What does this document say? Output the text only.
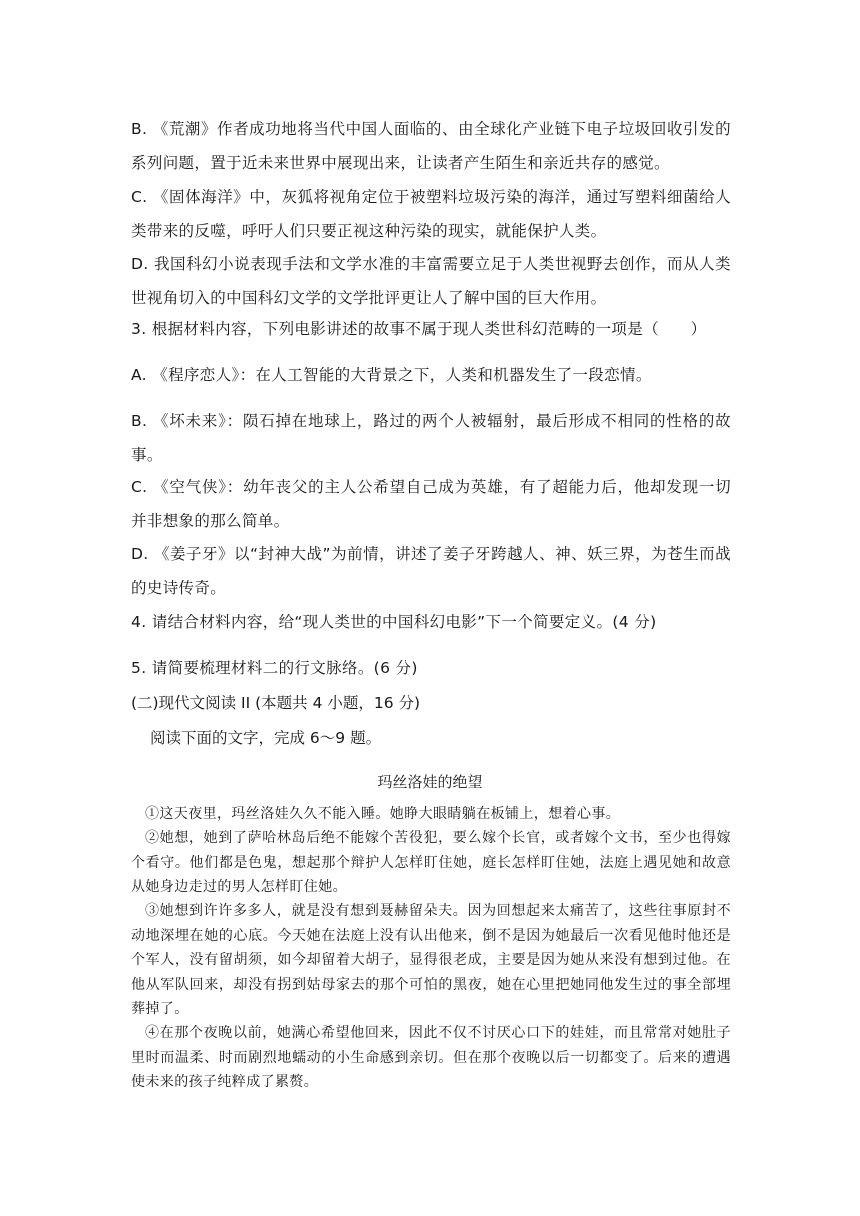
B. 《荒潮》作者成功地将当代中国人面临的、由全球化产业链下电子垃圾回收引发的系列问题，置于近未来世界中展现出来，让读者产生陌生和亲近共存的感觉。

C. 《固体海洋》中，灰狐将视角定位于被塑料垃圾污染的海洋，通过写塑料细菌给人类带来的反噬，呼吁人们只要正视这种污染的现实，就能保护人类。

D. 我国科幻小说表现手法和文学水准的丰富需要立足于人类世视野去创作，而从人类世视角切入的中国科幻文学的文学批评更让人了解中国的巨大作用。

3. 根据材料内容，下列电影讲述的故事不属于现人类世科幻范畴的一项是（　　）

A. 《程序恋人》：在人工智能的大背景之下，人类和机器发生了一段恋情。

B. 《坏未来》：陨石掉在地球上，路过的两个人被辐射，最后形成不相同的性格的故事。

C. 《空气侠》：幼年丧父的主人公希望自己成为英雄，有了超能力后，他却发现一切并非想象的那么简单。

D. 《姜子牙》以“封神大战”为前情，讲述了姜子牙跨越人、神、妖三界，为苍生而战的史诗传奇。

4. 请结合材料内容，给“现人类世的中国科幻电影”下一个简要定义。(4 分)

5. 请简要梳理材料二的行文脉络。(6 分)

(二)现代文阅读 II (本题共 4 小题，16 分)

阅读下面的文字，完成 6～9 题。

玛丝洛娃的绝望

①这天夜里，玛丝洛娃久久不能入睡。她睁大眼睛躺在板铺上，想着心事。

②她想，她到了萨哈林岛后绝不能嫁个苦役犯，要么嫁个长官，或者嫁个文书，至少也得嫁个看守。他们都是色鬼，想起那个辩护人怎样盯住她，庭长怎样盯住她，法庭上遇见她和故意从她身边走过的男人怎样盯住她。

③她想到许许多多人，就是没有想到聂赫留朵夫。因为回想起来太痛苦了，这些往事原封不动地深埋在她的心底。今天她在法庭上没有认出他来，倒不是因为她最后一次看见他时他还是个军人，没有留胡须，如今却留着大胡子，显得很老成，主要是因为她从来没有想到过他。在他从军队回来，却没有拐到姑母家去的那个可怕的黑夜，她在心里把她同他发生过的事全部埋葬掉了。

④在那个夜晚以前，她满心希望他回来，因此不仅不讨厌心口下的娃娃，而且常常对她肚子里时而温柔、时而剧烈地蠕动的小生命感到亲切。但在那个夜晚以后一切都变了。后来的遭遇使未来的孩子纯粹成了累赘。
